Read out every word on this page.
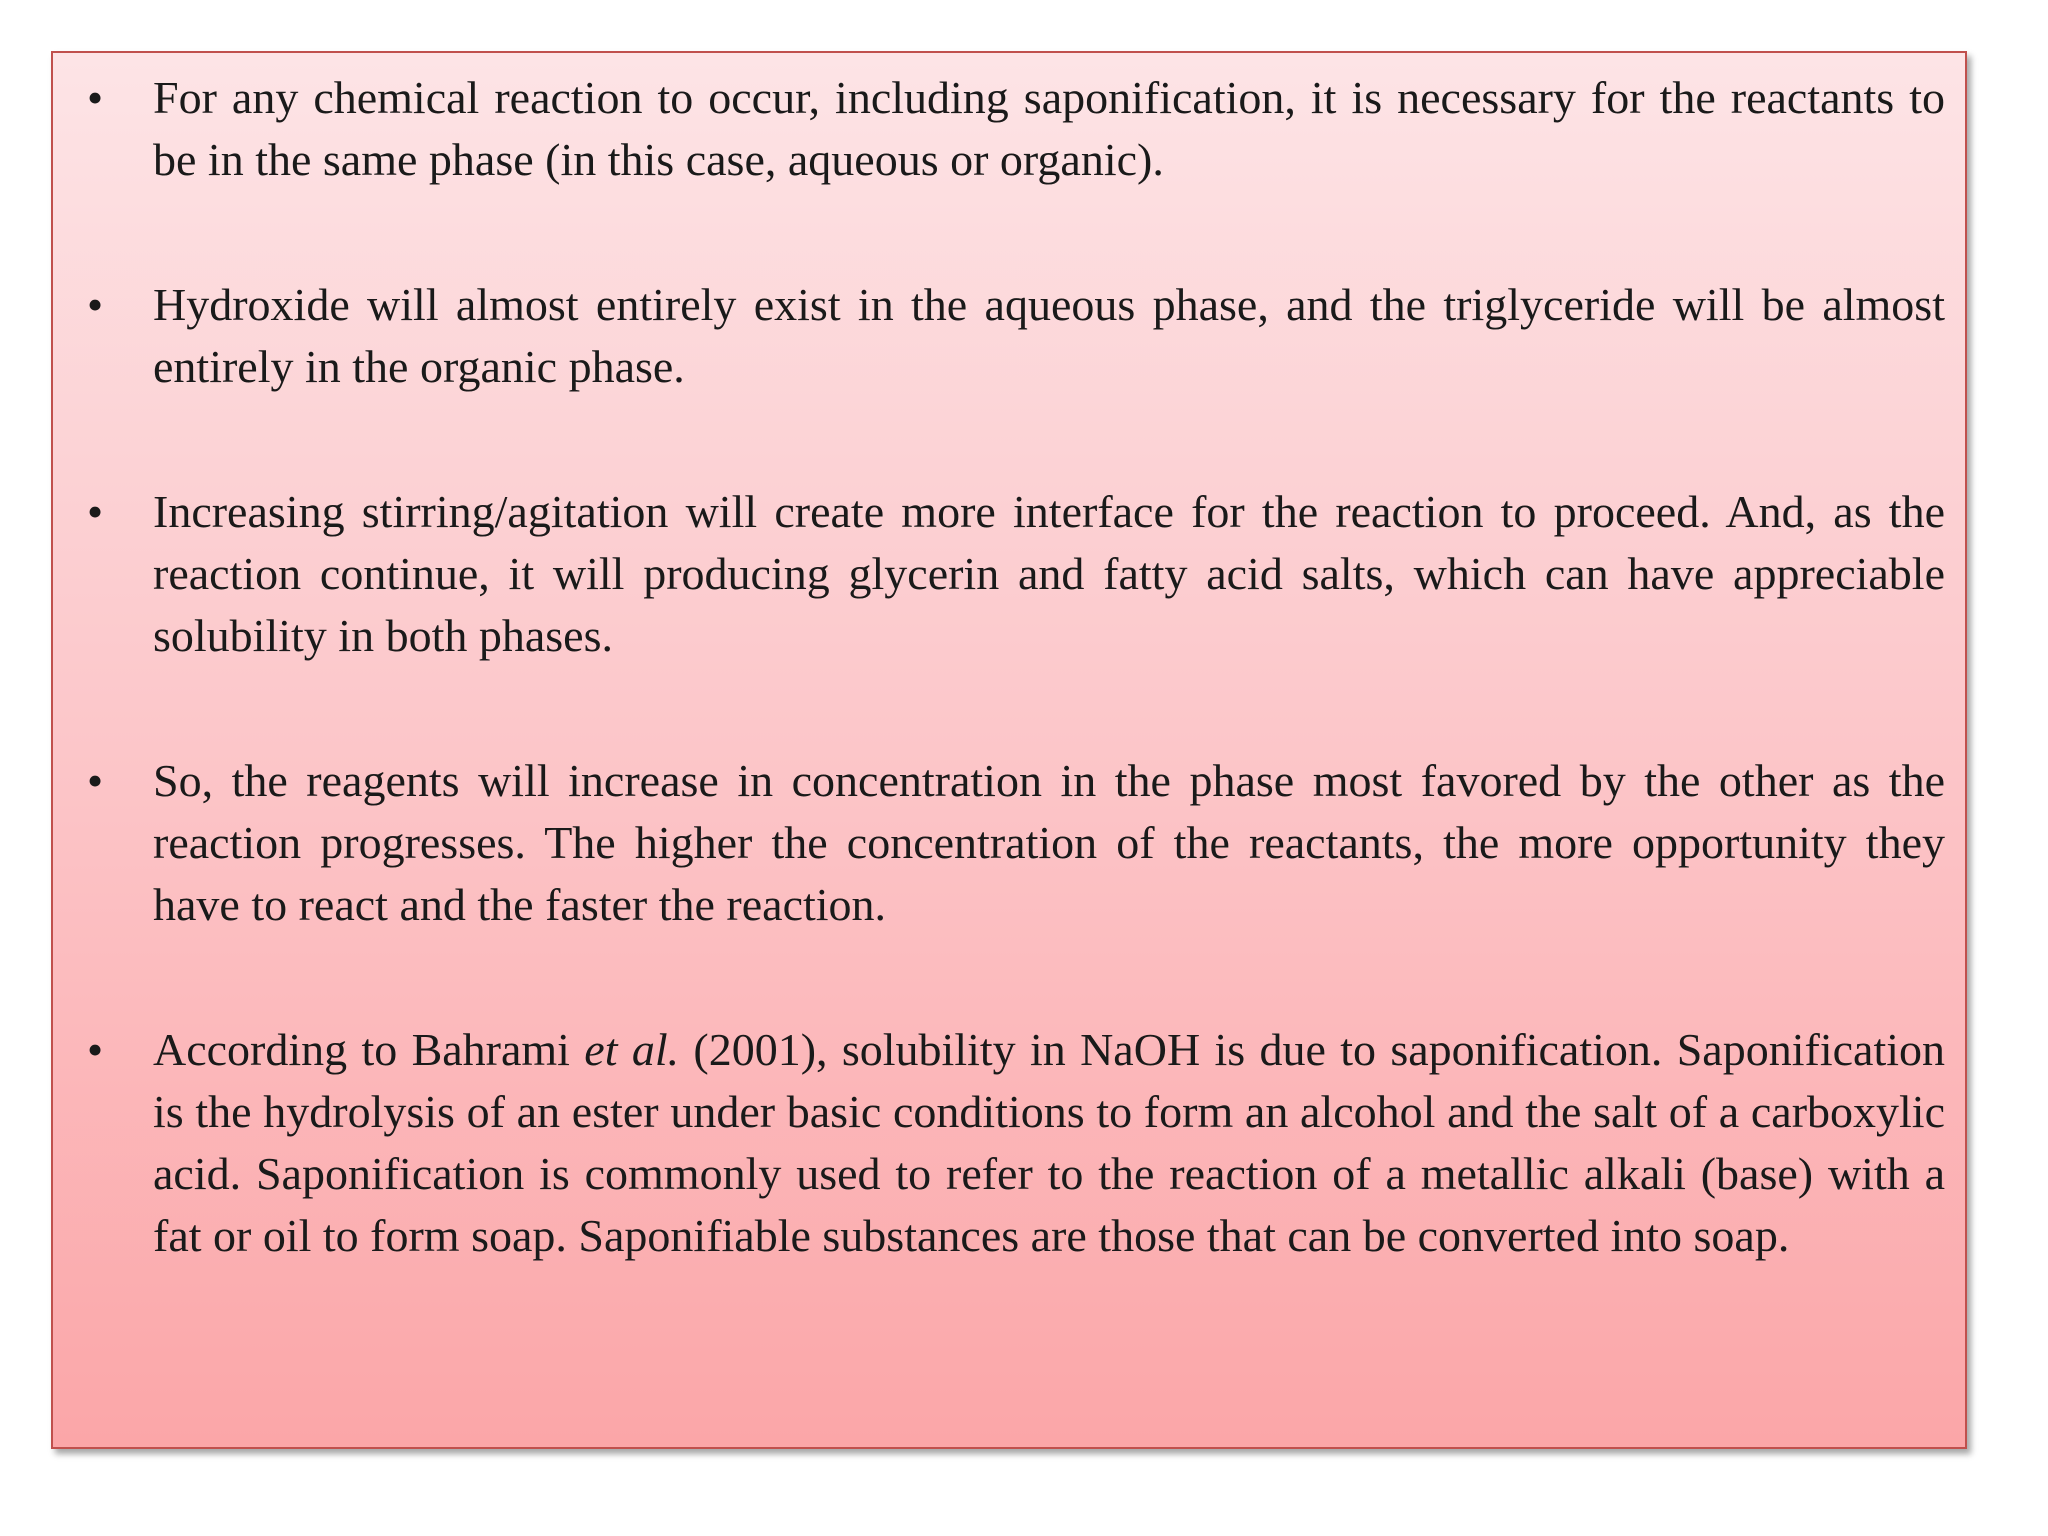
• For any chemical reaction to occur, including saponification, it is necessary for the reactants to be in the same phase (in this case, aqueous or organic).
• Hydroxide will almost entirely exist in the aqueous phase, and the triglyceride will be almost entirely in the organic phase.
• Increasing stirring/agitation will create more interface for the reaction to proceed. And, as the reaction continue, it will producing glycerin and fatty acid salts, which can have appreciable solubility in both phases.
• So, the reagents will increase in concentration in the phase most favored by the other as the reaction progresses. The higher the concentration of the reactants, the more opportunity they have to react and the faster the reaction.
• According to Bahrami et al. (2001), solubility in NaOH is due to saponification. Saponification is the hydrolysis of an ester under basic conditions to form an alcohol and the salt of a carboxylic acid. Saponification is commonly used to refer to the reaction of a metallic alkali (base) with a fat or oil to form soap. Saponifiable substances are those that can be converted into soap.
